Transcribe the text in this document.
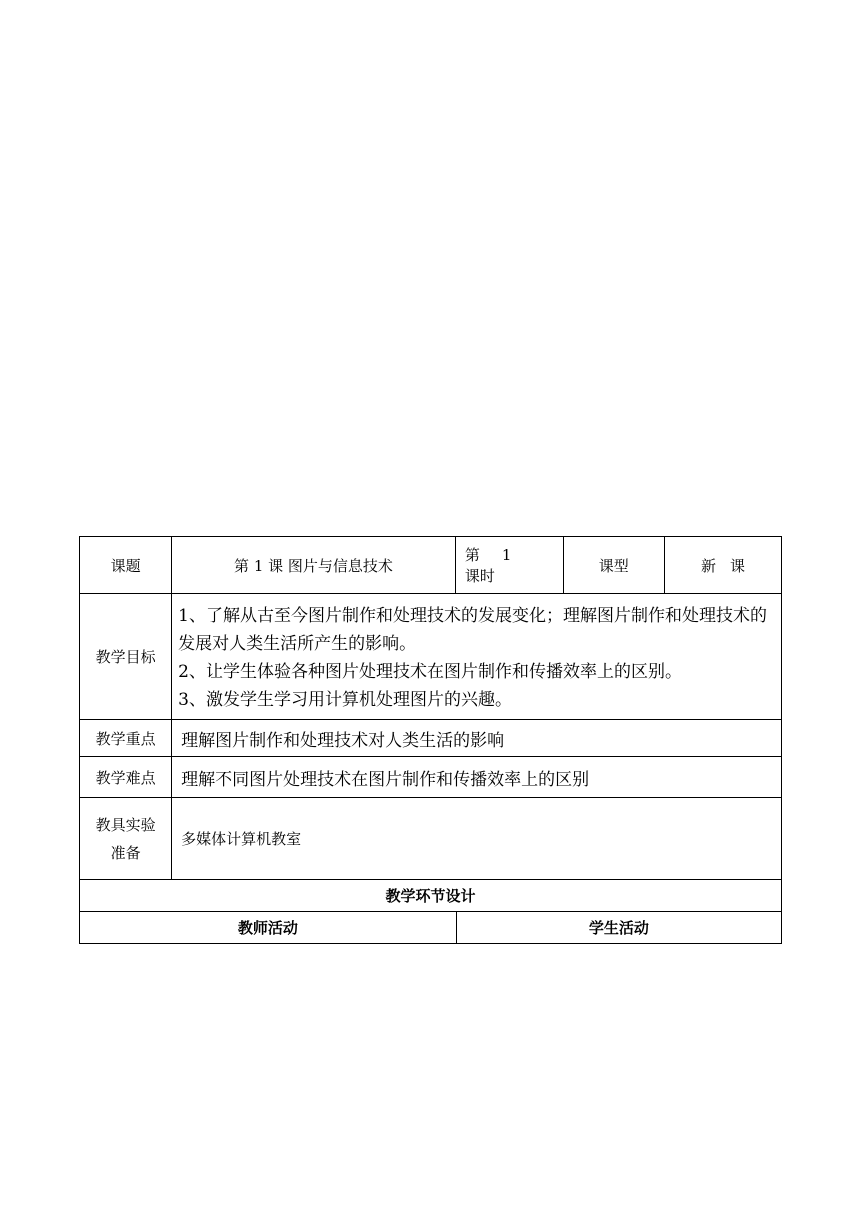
课题	第 1 课 图片与信息技术	第 1课时	课型	新 课
教学目标	1、了解从古至今图片制作和处理技术的发展变化；理解图片制作和处理技术的发展对人类生活所产生的影响。

2、让学生体验各种图片处理技术在图片制作和传播效率上的区别。

3、激发学生学习用计算机处理图片的兴趣。			

教学重点	理解图片制作和处理技术对人类生活的影响			
教学难点	理解不同图片处理技术在图片制作和传播效率上的区别			

教具实验
准备	多媒体计算机教室			
教学环节设计				
教师活动		学生活动		
